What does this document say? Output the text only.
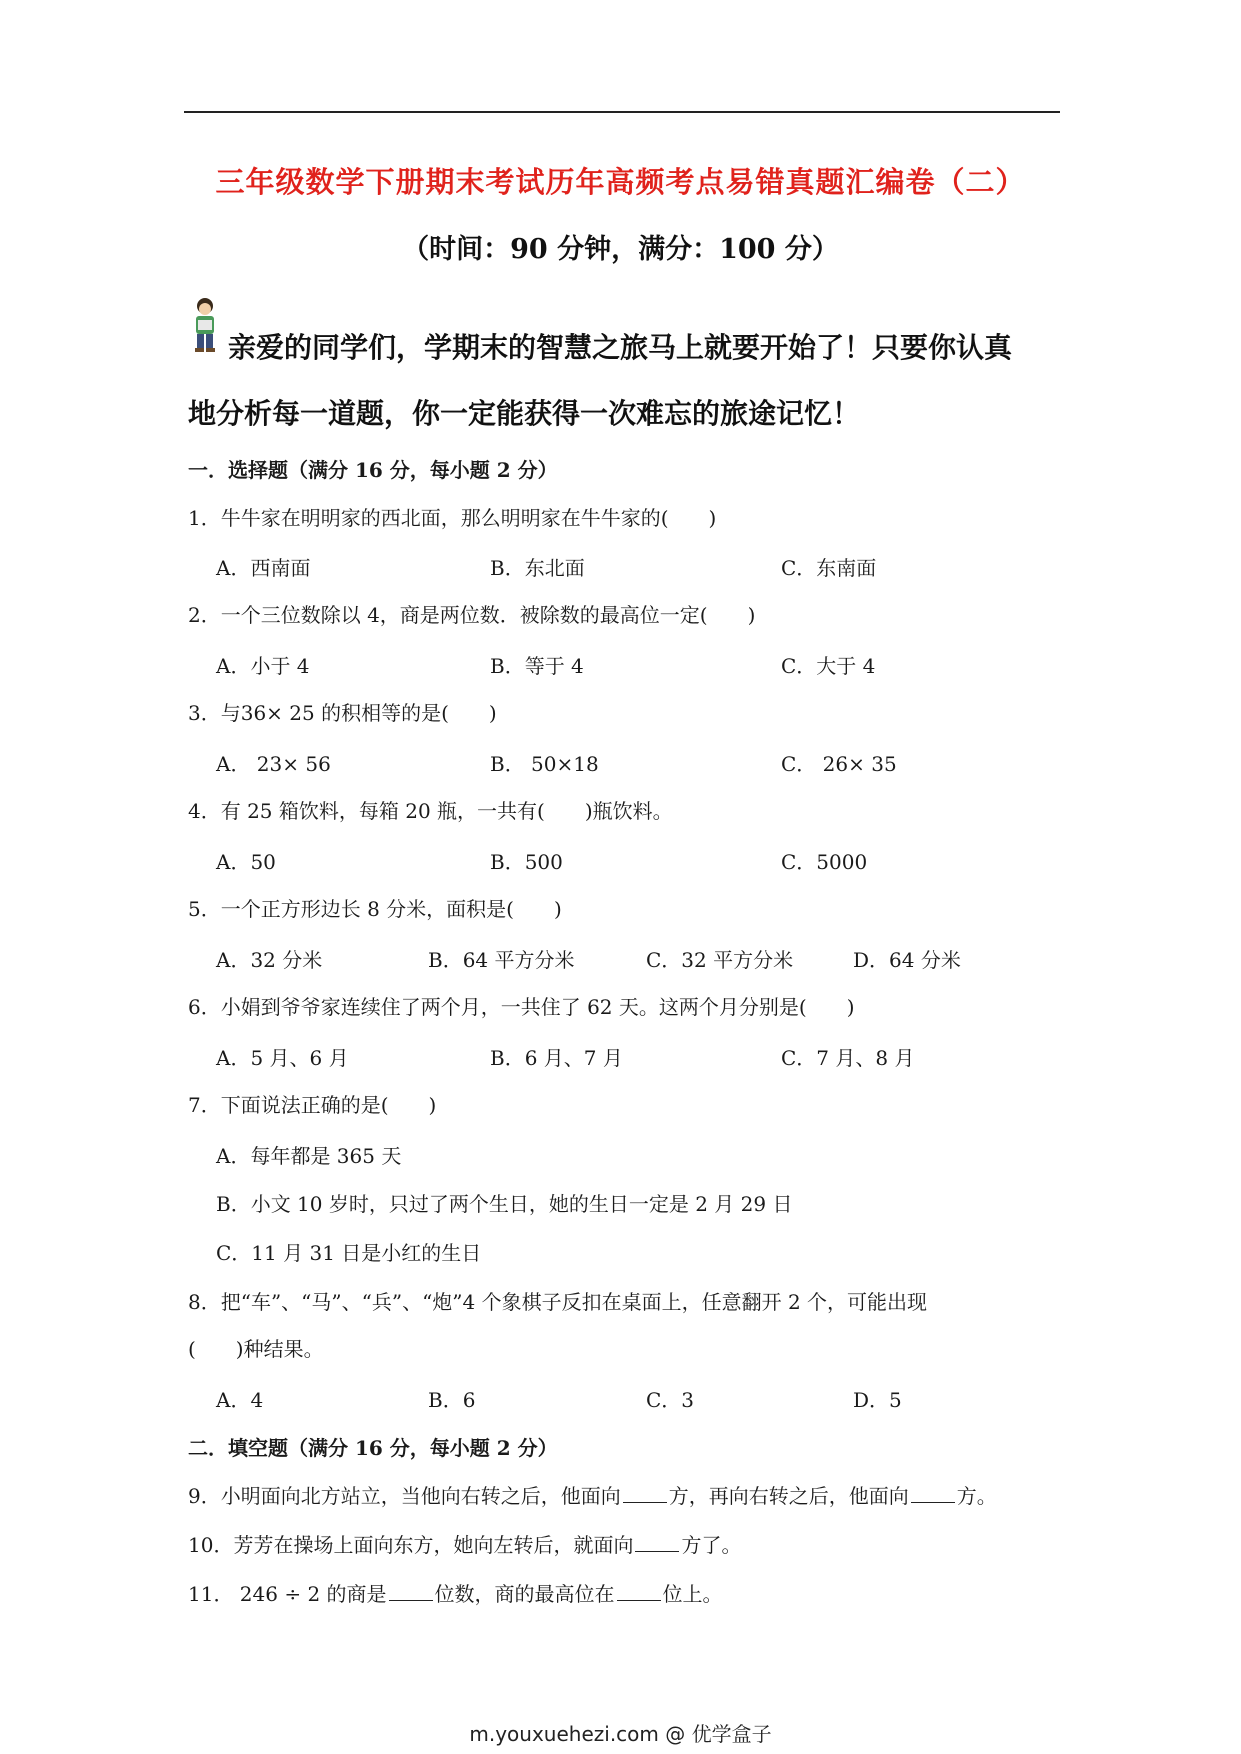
三年级数学下册期末考试历年高频考点易错真题汇编卷（二）
（时间：90 分钟，满分：100 分）
亲爱的同学们，学期末的智慧之旅马上就要开始了！只要你认真
地分析每一道题，你一定能获得一次难忘的旅途记忆！
一．选择题（满分 16 分，每小题 2 分）
1．牛牛家在明明家的西北面，那么明明家在牛牛家的(　　)
A．西南面	B．东北面	C．东南面
2．一个三位数除以 4，商是两位数．被除数的最高位一定(　　)
A．小于 4	B．等于 4	C．大于 4
3．与36× 25 的积相等的是(　　)
A． 23× 56	B． 50×18	C． 26× 35
4．有 25 箱饮料，每箱 20 瓶，一共有(　　)瓶饮料。
A．50	B．500	C．5000
5．一个正方形边长 8 分米，面积是(　　)
A．32 分米	B．64 平方分米	C．32 平方分米	D．64 分米
6．小娟到爷爷家连续住了两个月，一共住了 62 天。这两个月分别是(　　)
A．5 月、6 月	B．6 月、7 月	C．7 月、8 月
7．下面说法正确的是(　　)
A．每年都是 365 天
B．小文 10 岁时，只过了两个生日，她的生日一定是 2 月 29 日
C．11 月 31 日是小红的生日
8．把“车”、“马”、“兵”、“炮”4 个象棋子反扣在桌面上，任意翻开 2 个，可能出现
(　　)种结果。
A．4	B．6	C．3	D．5
二．填空题（满分 16 分，每小题 2 分）
9．小明面向北方站立，当他向右转之后，他面向 方，再向右转之后，他面向 方。
10．芳芳在操场上面向东方，她向左转后，就面向 方了。
11． 246 ÷ 2 的商是 位数，商的最高位在 位上。
m.youxuehezi.com @ 优学盒子
